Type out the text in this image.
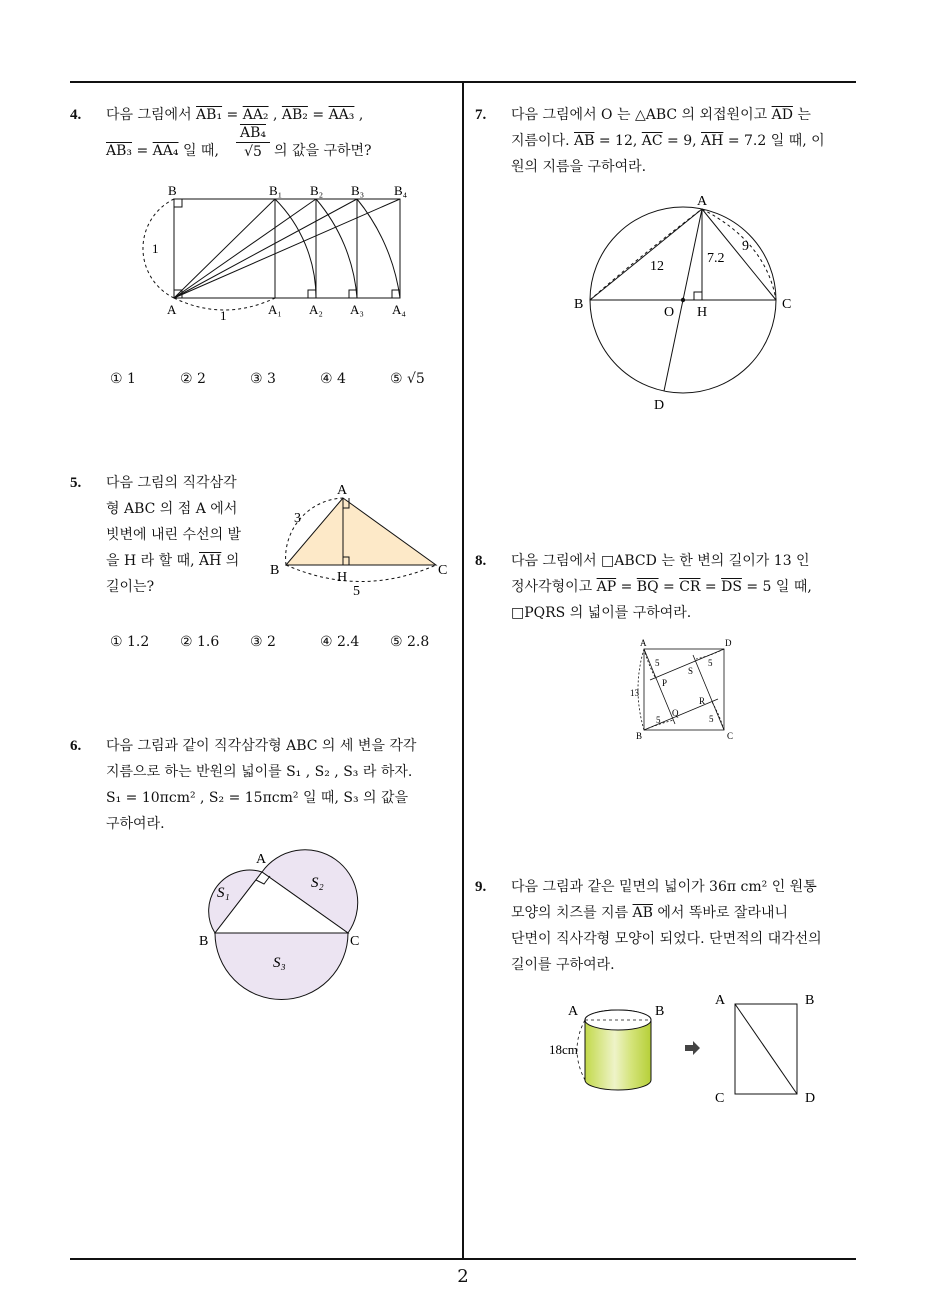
4. 다음 그림에서 AB₁ = AA₂ , AB₂ = AA₃ ,
AB₃ = AA₄ 일 때,
AB₄
√5 의 값을 구하면?
B	B₁ B₂ B₃ B₄
1
A	1	A₁ A₂ A₃ A₄
① 1	② 2	③ 3	④ 4	⑤ √5
5. 다음 그림의 직각삼각
형 ABC 의 점 A 에서
빗변에 내린 수선의 발
을 H 라 할 때, $\overline{AH}$ 의
길이는?
A
B	C
H
3
5
① 1.2 ② 1.6 ③ 2	④ 2.4 ⑤ 2.8
6. 다음 그림과 같이 직각삼각형 ABC 의 세 변을 각각
지름으로 하는 반원의 넓이를 S₁ , S₂ , S₃ 라 하자.
S₁ = 10πcm² , S₂ = 15πcm² 일 때, S₃ 의 값을
구하여라.
A
B	C
S₁
S₂
S₃
7. 다음 그림에서 O 는 △ABC 의 외접원이고 $\overline{AD}$ 는
지름이다. $\overline{AB} = 12$, $\overline{AC} = 9$, $\overline{AH} = 7.2$ 일 때, 이
원의 지름을 구하여라.
A
B	C
O H
D
12
9
7.2
8. 다음 그림에서 □ABCD 는 한 변의 길이가 13 인
정사각형이고 $\overline{AP} = \overline{BQ} = \overline{CR} = \overline{DS} = 5$ 일 때,
□PQRS 의 넓이를 구하여라.
A	D
B	C
P
Q
R
S
13
5
5	5
5
9. 다음 그림과 같은 밑면의 넓이가 36π cm² 인 원통
모양의 치즈를 지름 $\overline{AB}$ 에서 똑바로 잘라내니
단면이 직사각형 모양이 되었다. 단면적의 대각선의
길이를 구하여라.
A	B
18cm
A	B
C	D
2
